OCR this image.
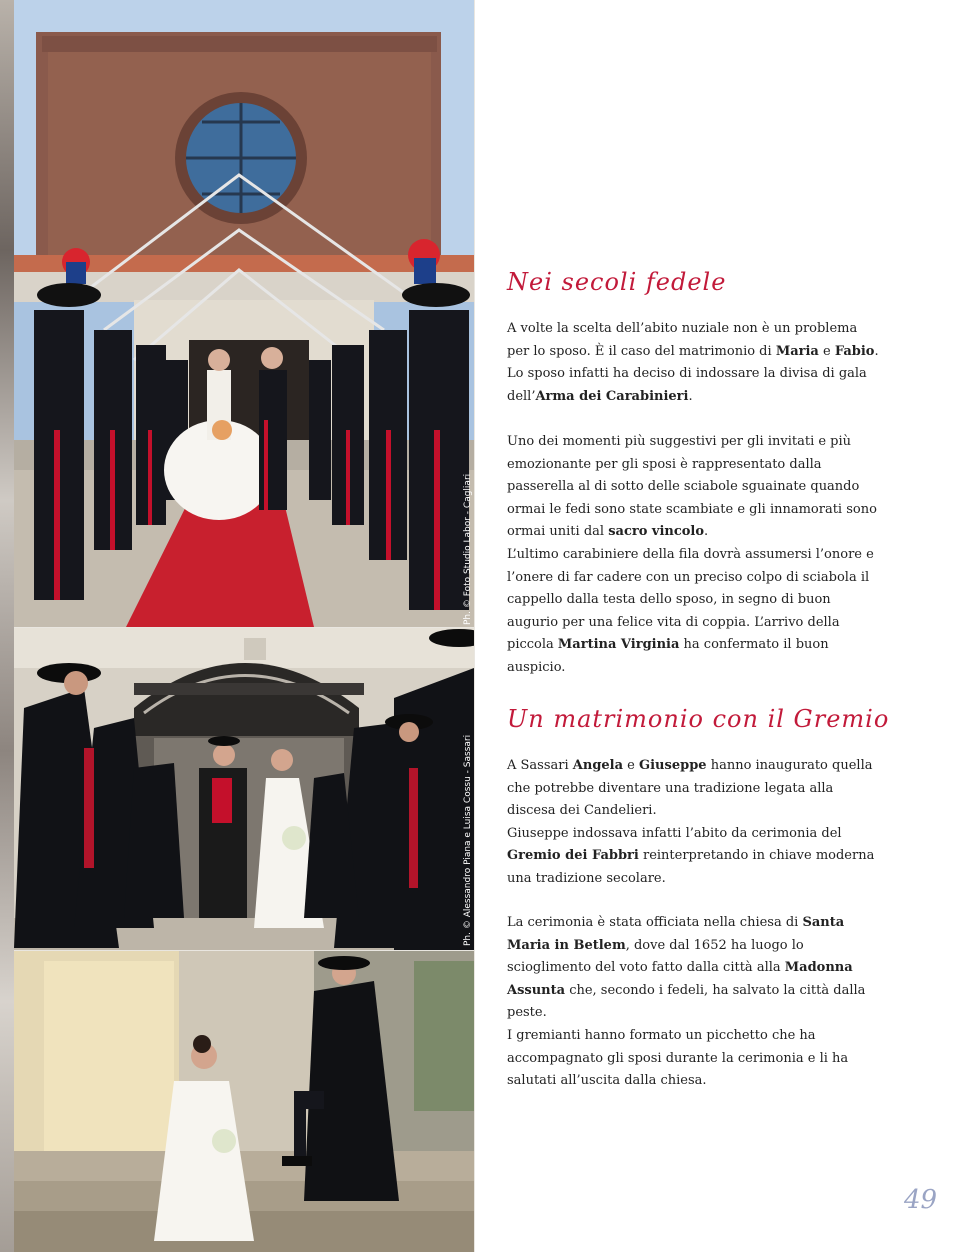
Ph. © Foto Studio Labor - Cagliari
Ph. © Alessandro Piana e Luisa Cossu - Sassari
Nei secoli fedele

A volte la scelta dell’abito nuziale non è un problema per lo sposo. È il caso del matrimonio di Maria e Fabio. Lo sposo infatti ha deciso di indossare la divisa di gala dell’Arma dei Carabinieri.

Uno dei momenti più suggestivi per gli invitati e più emozionante per gli sposi è rappresentato dalla passerella al di sotto delle sciabole sguainate quando ormai le fedi sono state scambiate e gli innamorati sono ormai uniti dal sacro vincolo.

L’ultimo carabiniere della fila dovrà assumersi l’onore e l’onere di far cadere con un preciso colpo di sciabola il cappello dalla testa dello sposo, in segno di buon augurio per una felice vita di coppia. L’arrivo della piccola Martina Virginia ha confermato il buon auspicio.

Un matrimonio con il Gremio

A Sassari Angela e Giuseppe hanno inaugurato quella che potrebbe diventare una tradizione legata alla discesa dei Candelieri.
Giuseppe indossava infatti l’abito da cerimonia del Gremio dei Fabbri reinterpretando in chiave moderna una tradizione secolare.

La cerimonia è stata officiata nella chiesa di Santa Maria in Betlem, dove dal 1652 ha luogo lo scioglimento del voto fatto dalla città alla Madonna Assunta che, secondo i fedeli, ha salvato la città dalla peste.

I gremianti hanno formato un picchetto che ha accompagnato gli sposi durante la cerimonia e li ha salutati all’uscita dalla chiesa.

49
